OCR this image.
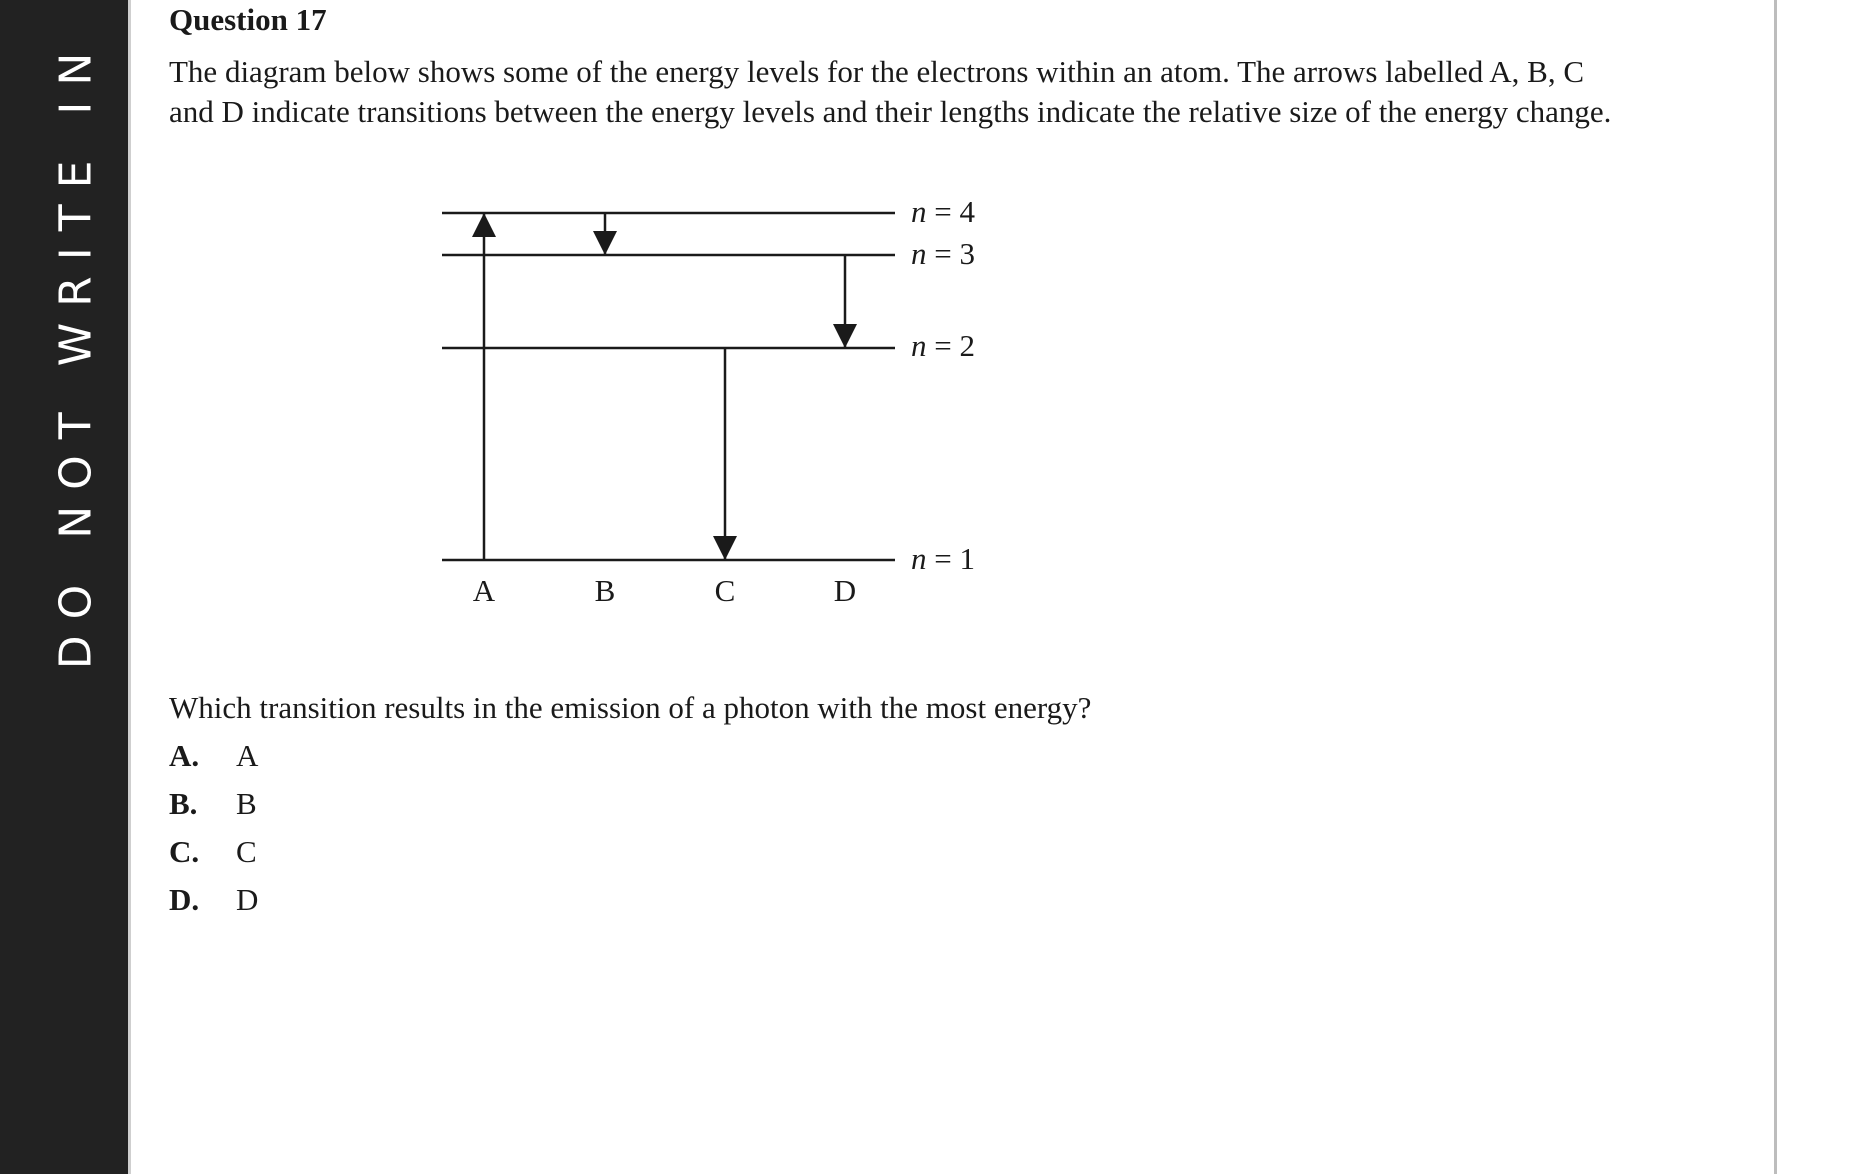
DO NOT WRITE IN
Question 17

The diagram below shows some of the energy levels for the electrons within an atom. The arrows labelled A, B, C
and D indicate transitions between the energy levels and their lengths indicate the relative size of the energy change.

n = 4
n = 3
n = 2
n = 1
A	B	C	D
Which transition results in the emission of a photon with the most energy?
A. A
B. B
C. C
D. D
